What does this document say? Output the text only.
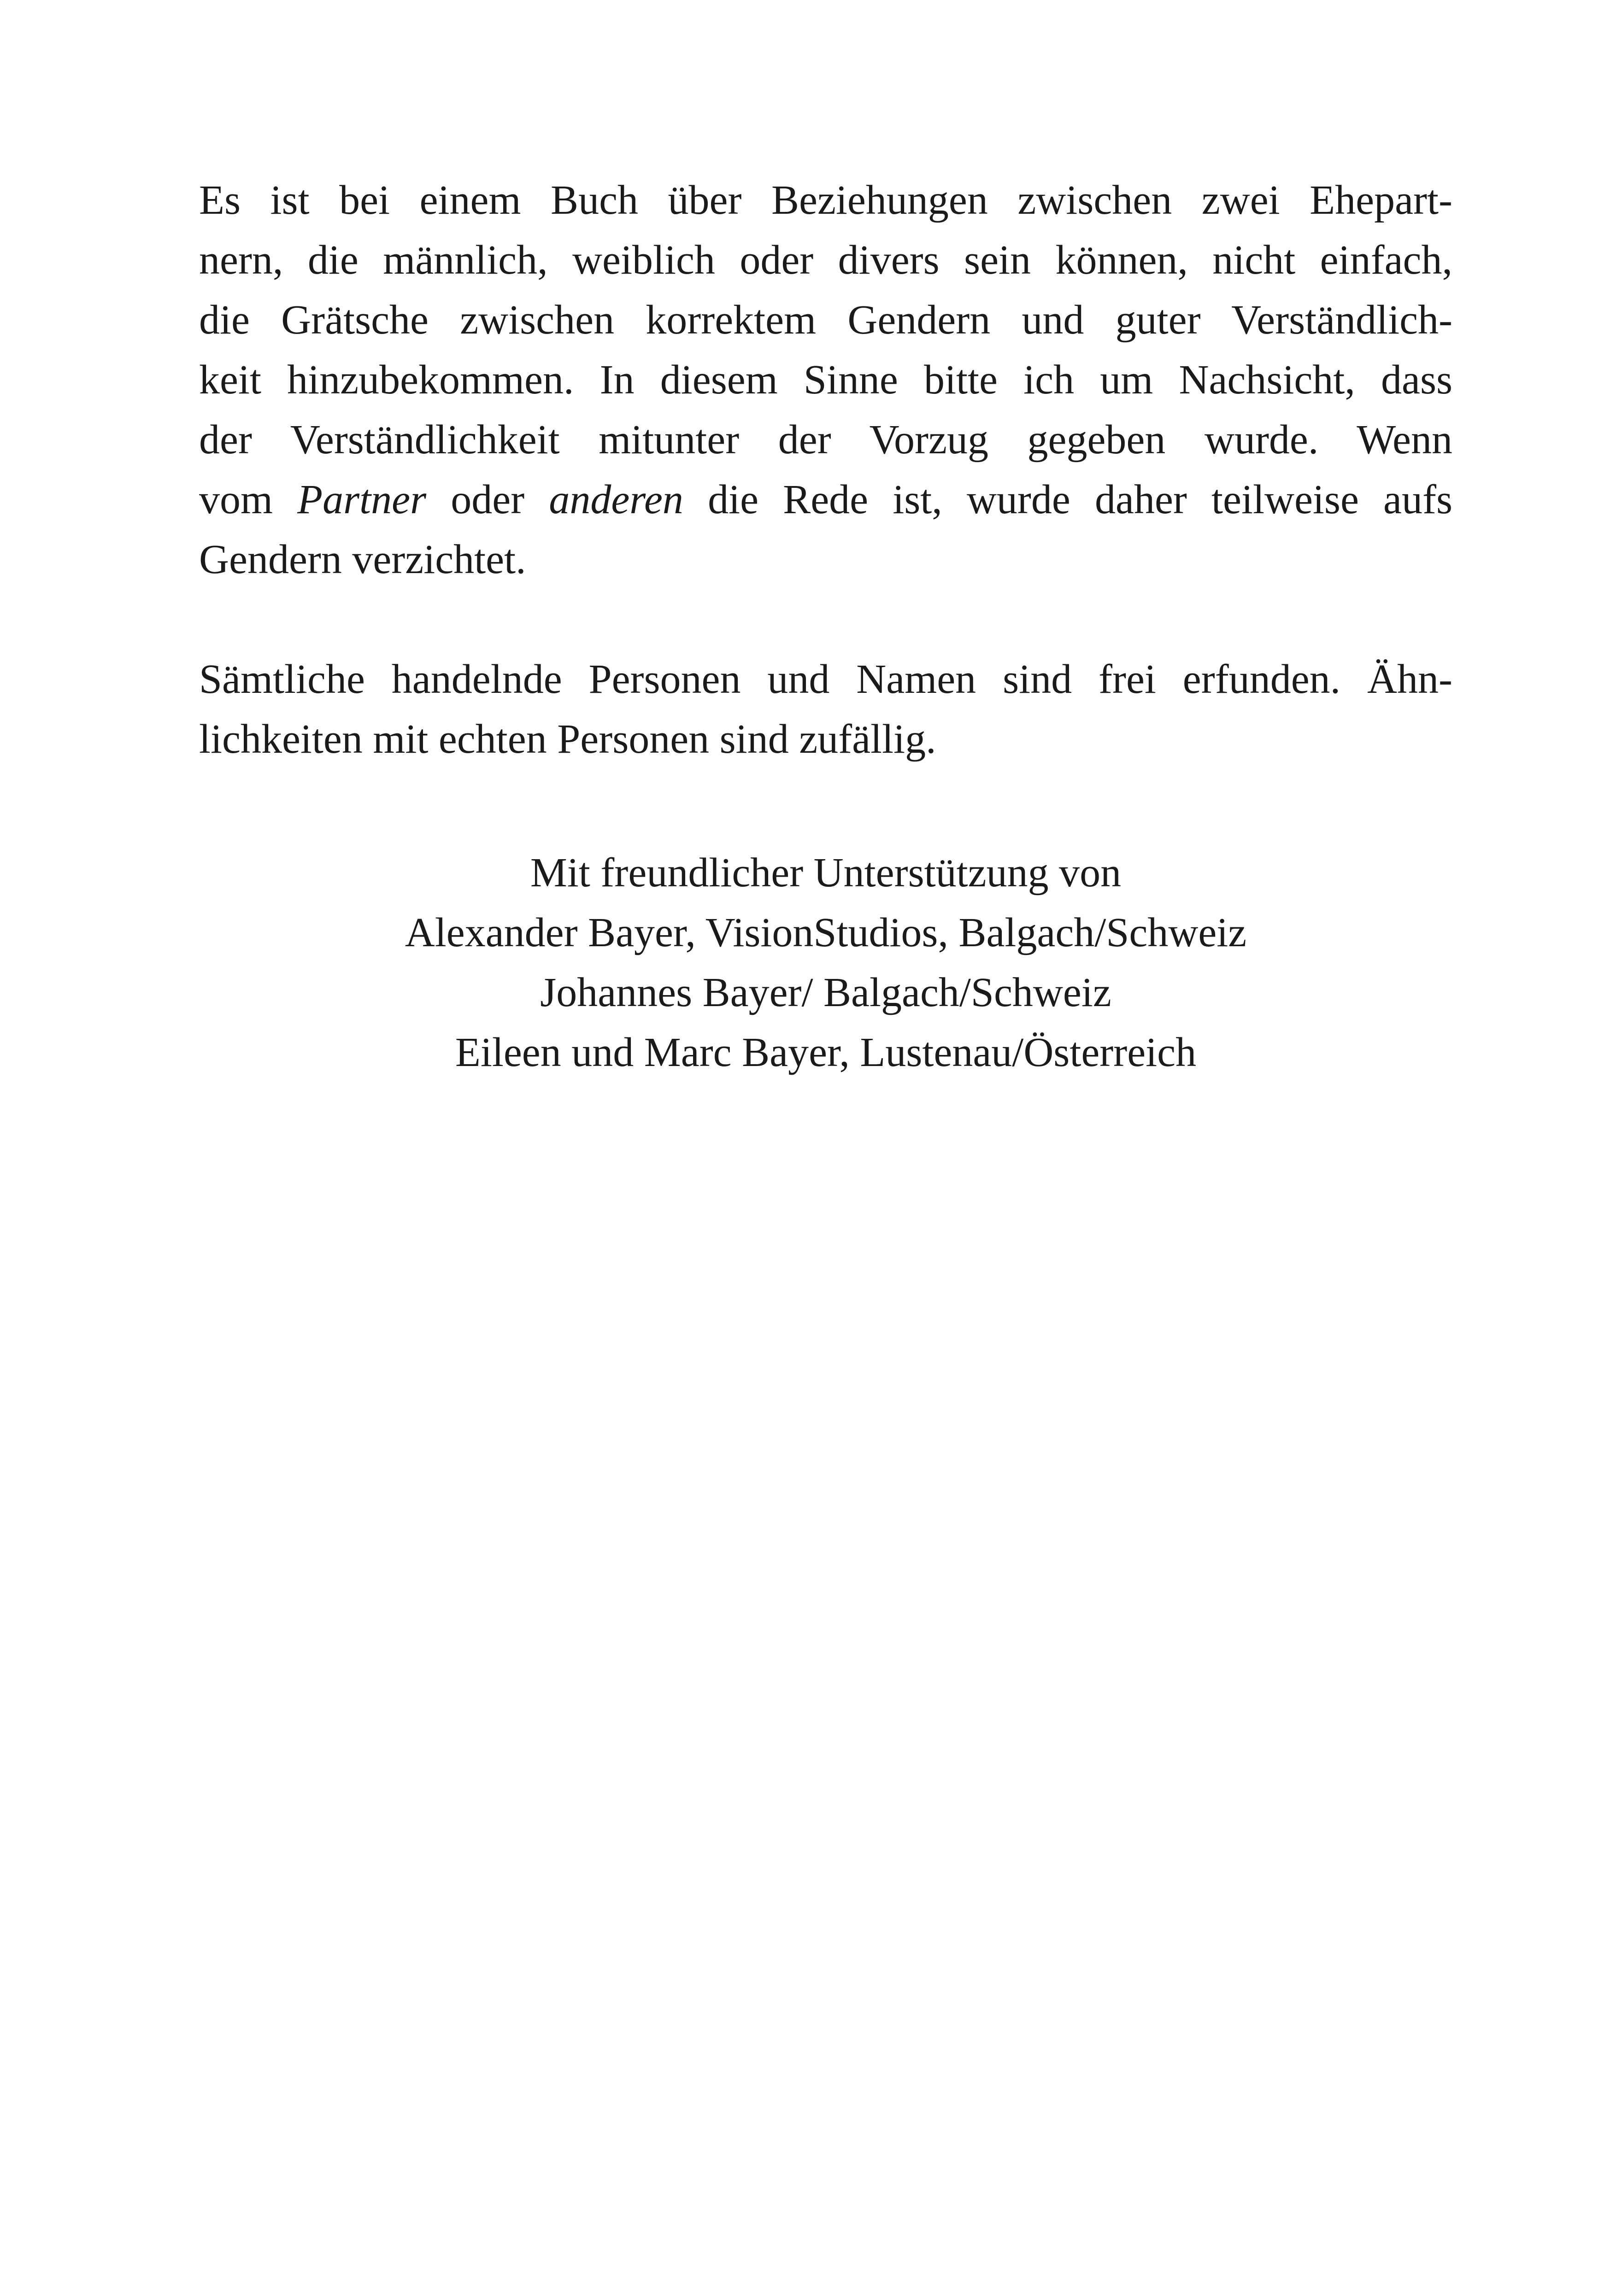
Es ist bei einem Buch über Beziehungen zwischen zwei Ehepart-
nern, die männlich, weiblich oder divers sein können, nicht einfach,
die Grätsche zwischen korrektem Gendern und guter Verständlich-
keit hinzubekommen. In diesem Sinne bitte ich um Nachsicht, dass
der Verständlichkeit mitunter der Vorzug gegeben wurde. Wenn
vom Partner oder anderen die Rede ist, wurde daher teilweise aufs
Gendern verzichtet.
Sämtliche handelnde Personen und Namen sind frei erfunden. Ähn-
lichkeiten mit echten Personen sind zufällig.
Mit freundlicher Unterstützung von
Alexander Bayer, VisionStudios, Balgach/Schweiz
Johannes Bayer/ Balgach/Schweiz
Eileen und Marc Bayer, Lustenau/Österreich
